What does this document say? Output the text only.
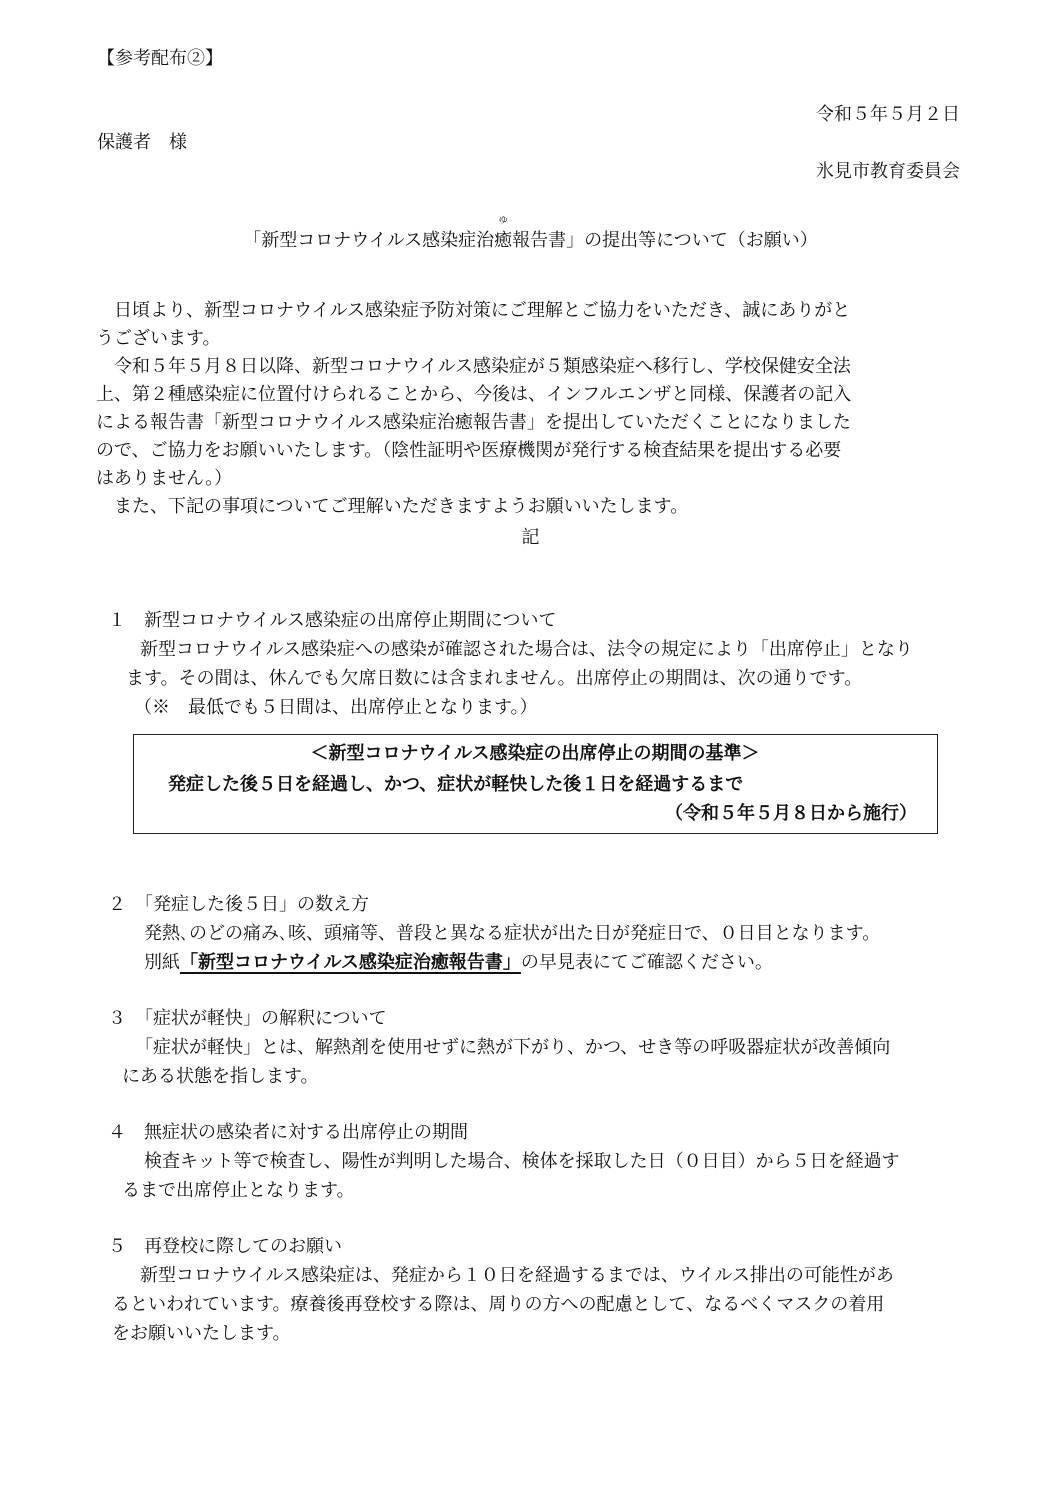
【参考配布②】
令和５年５月２日
保護者　様
氷見市教育委員会
「新型コロナウイルス感染症治癒
ゆ
報告書」の提出等について（お願い）
　日頃より、新型コロナウイルス感染症予防対策にご理解とご協力をいただき、誠にありがと
うございます。
　令和５年５月８日以降、新型コロナウイルス感染症が５類感染症へ移行し、学校保健安全法
上、第２種感染症に位置付けられることから、今後は、インフルエンザと同様、保護者の記入
による報告書「新型コロナウイルス感染症治癒報告書」を提出していただくことになりました
ので、ご協力をお願いいたします。（陰性証明や医療機関が発行する検査結果を提出する必要
はありません。）
　また、下記の事項についてご理解いただきますようお願いいたします。
記
１　新型コロナウイルス感染症の出席停止期間について
　新型コロナウイルス感染症への感染が確認された場合は、法令の規定により「出席停止」となり
ます。その間は、休んでも欠席日数には含まれません。出席停止の期間は、次の通りです。
（※　最低でも５日間は、出席停止となります。）
＜新型コロナウイルス感染症の出席停止の期間の基準＞
発症した後５日を経過し、かつ、症状が軽快した後１日を経過するまで
（令和５年５月８日から施行）
２　「発症した後５日」の数え方
　発熱､のどの痛み､咳、頭痛等、普段と異なる症状が出た日が発症日で、０日目となります。
　別紙「新型コロナウイルス感染症治癒報告書」の早見表にてご確認ください。
３　「症状が軽快」の解釈について
　「症状が軽快」とは、解熱剤を使用せずに熱が下がり、かつ、せき等の呼吸器症状が改善傾向
にある状態を指します。
４　無症状の感染者に対する出席停止の期間
　検査キット等で検査し、陽性が判明した場合、検体を採取した日（０日目）から５日を経過す
るまで出席停止となります。
５　再登校に際してのお願い
　新型コロナウイルス感染症は、発症から１０日を経過するまでは、ウイルス排出の可能性があ
るといわれています。療養後再登校する際は、周りの方への配慮として、なるべくマスクの着用
をお願いいたします。
